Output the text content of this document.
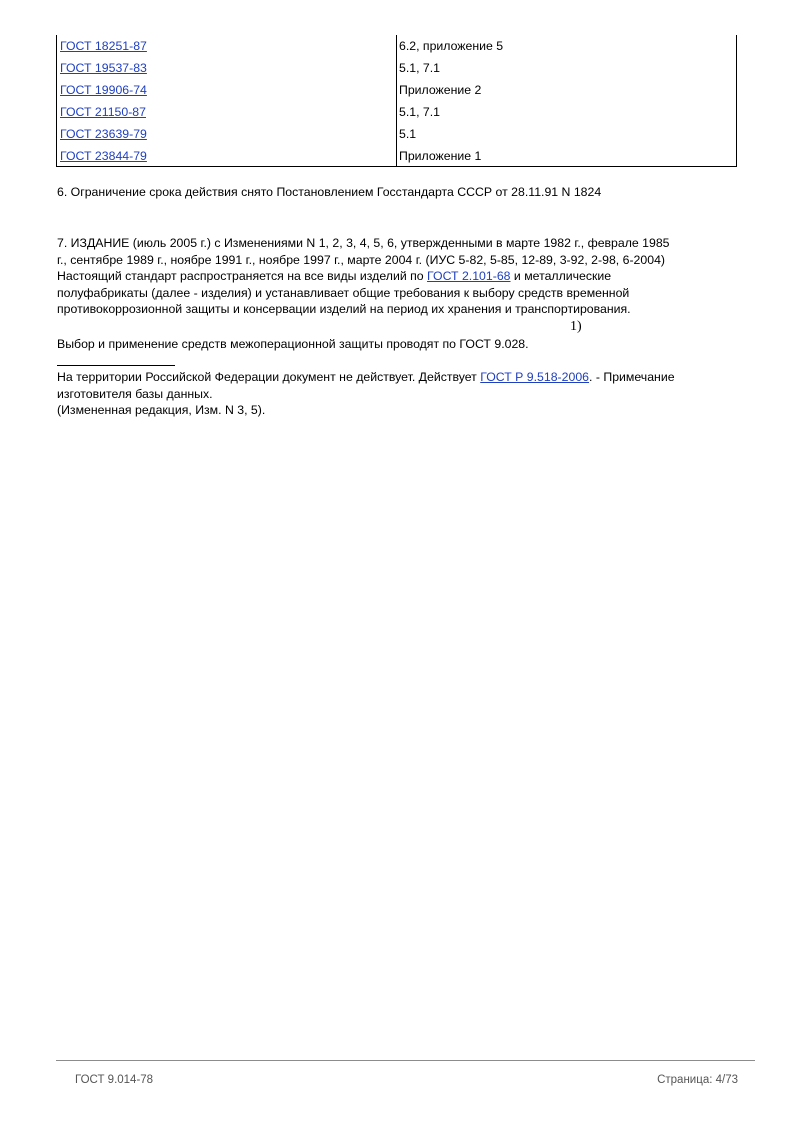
ГОСТ 18251-87	6.2, приложение 5
ГОСТ 19537-83	5.1, 7.1
ГОСТ 19906-74	Приложение 2
ГОСТ 21150-87	5.1, 7.1
ГОСТ 23639-79	5.1
ГОСТ 23844-79	Приложение 1
6. Ограничение срока действия снято Постановлением Госстандарта СССР от 28.11.91 N 1824
7. ИЗДАНИЕ (июль 2005 г.) с Изменениями N 1, 2, 3, 4, 5, 6, утвержденными в марте 1982 г., феврале 1985
г., сентябре 1989 г., ноябре 1991 г., ноябре 1997 г., марте 2004 г. (ИУС 5-82, 5-85, 12-89, 3-92, 2-98, 6-2004)
Настоящий стандарт распространяется на все виды изделий по ГОСТ 2.101-68 и металлические
полуфабрикаты (далее - изделия) и устанавливает общие требования к выбору средств временной
противокоррозионной защиты и консервации изделий на период их хранения и транспортирования.
Выбор и применение средств межоперационной защиты проводят по ГОСТ 9.028.
1)
На территории Российской Федерации документ не действует. Действует ГОСТ Р 9.518-2006. - Примечание
изготовителя базы данных.
(Измененная редакция, Изм. N 3, 5).
ГОСТ 9.014-78	Страница: 4/73
